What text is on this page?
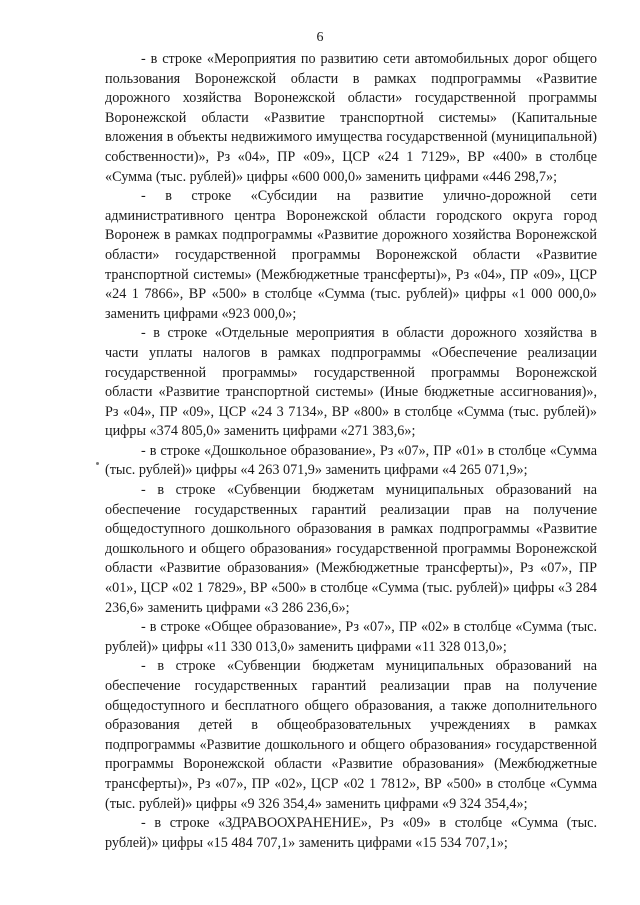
6

- в строке «Мероприятия по развитию сети автомобильных дорог общего пользования Воронежской области в рамках подпрограммы «Развитие дорожного хозяйства Воронежской области» государственной программы Воронежской области «Развитие транспортной системы» (Капитальные вложения в объекты недвижимого имущества государственной (муниципальной) собственности)», Рз «04», ПР «09», ЦСР «24 1 7129», ВР «400» в столбце «Сумма (тыс. рублей)» цифры «600 000,0» заменить цифрами «446 298,7»;

- в строке «Субсидии на развитие улично-дорожной сети административного центра Воронежской области городского округа город Воронеж в рамках подпрограммы «Развитие дорожного хозяйства Воронежской области» государственной программы Воронежской области «Развитие транспортной системы» (Межбюджетные трансферты)», Рз «04», ПР «09», ЦСР «24 1 7866», ВР «500» в столбце «Сумма (тыс. рублей)» цифры «1 000 000,0» заменить цифрами «923 000,0»;

- в строке «Отдельные мероприятия в области дорожного хозяйства в части уплаты налогов в рамках подпрограммы «Обеспечение реализации государственной программы» государственной программы Воронежской области «Развитие транспортной системы» (Иные бюджетные ассигнования)», Рз «04», ПР «09», ЦСР «24 3 7134», ВР «800» в столбце «Сумма (тыс. рублей)» цифры «374 805,0» заменить цифрами «271 383,6»;

- в строке «Дошкольное образование», Рз «07», ПР «01» в столбце «Сумма (тыс. рублей)» цифры «4 263 071,9» заменить цифрами «4 265 071,9»;

- в строке «Субвенции бюджетам муниципальных образований на обеспечение государственных гарантий реализации прав на получение общедоступного дошкольного образования в рамках подпрограммы «Развитие дошкольного и общего образования» государственной программы Воронежской области «Развитие образования» (Межбюджетные трансферты)», Рз «07», ПР «01», ЦСР «02 1 7829», ВР «500» в столбце «Сумма (тыс. рублей)» цифры «3 284 236,6» заменить цифрами «3 286 236,6»;

- в строке «Общее образование», Рз «07», ПР «02» в столбце «Сумма (тыс. рублей)» цифры «11 330 013,0» заменить цифрами «11 328 013,0»;

- в строке «Субвенции бюджетам муниципальных образований на обеспечение государственных гарантий реализации прав на получение общедоступного и бесплатного общего образования, а также дополнительного образования детей в общеобразовательных учреждениях в рамках подпрограммы «Развитие дошкольного и общего образования» государственной программы Воронежской области «Развитие образования» (Межбюджетные трансферты)», Рз «07», ПР «02», ЦСР «02 1 7812», ВР «500» в столбце «Сумма (тыс. рублей)» цифры «9 326 354,4» заменить цифрами «9 324 354,4»;

- в строке «ЗДРАВООХРАНЕНИЕ», Рз «09» в столбце «Сумма (тыс. рублей)» цифры «15 484 707,1» заменить цифрами «15 534 707,1»;
